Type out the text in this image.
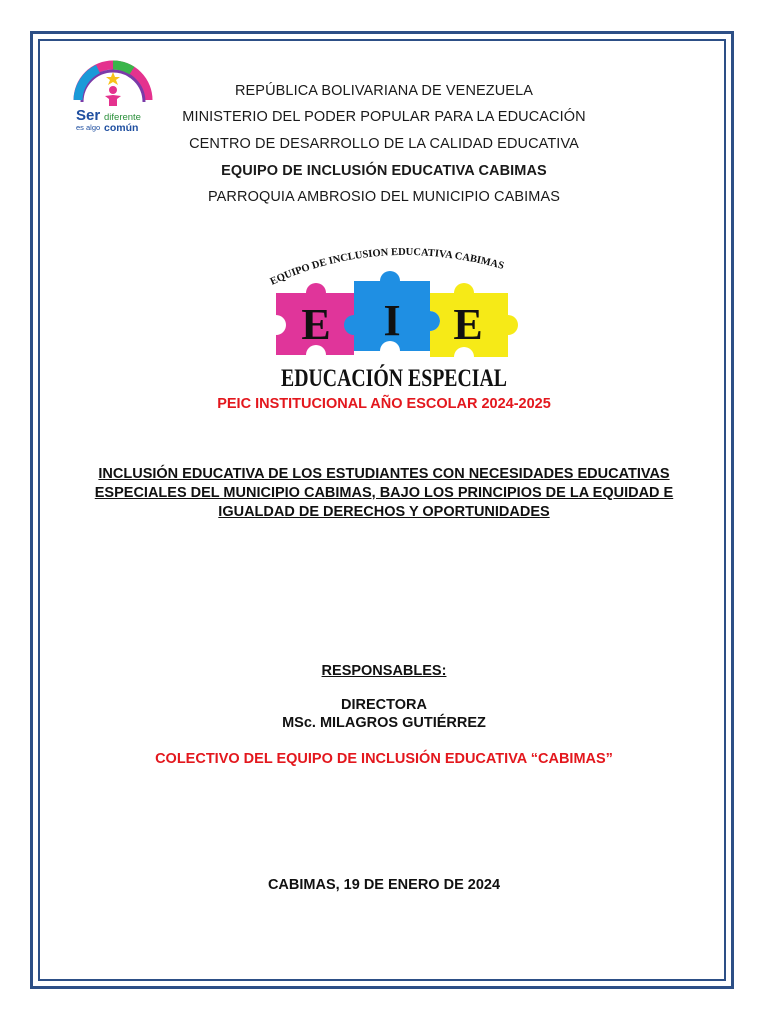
Ser diferente
es algo común
REPÚBLICA BOLIVARIANA DE VENEZUELA
MINISTERIO DEL PODER POPULAR PARA LA EDUCACIÓN
CENTRO DE DESARROLLO DE LA CALIDAD EDUCATIVA
EQUIPO DE INCLUSIÓN EDUCATIVA CABIMAS
PARROQUIA AMBROSIO DEL MUNICIPIO CABIMAS
EQUIPO DE INCLUSION EDUCATIVA CABIMAS
E I E
EDUCACIÓN ESPECI
PEIC INSTITUCIONAL AÑO ESCOLAR 2024-2025
INCLUSIÓN EDUCATIVA DE LOS ESTUDIANTES CON NECESIDADES EDUCATIVAS
ESPECIALES DEL MUNICIPIO CABIMAS, BAJO LOS PRINCIPIOS DE LA EQUIDAD E
IGUALDAD DE DERECHOS Y OPORTUNIDADES
RESPONSABLES:
DIRECTORA
MSc. MILAGROS GUTIÉRREZ
COLECTIVO DEL EQUIPO DE INCLUSIÓN EDUCATIVA “CABIMAS”
CABIMAS, 19 DE ENERO DE 2024
